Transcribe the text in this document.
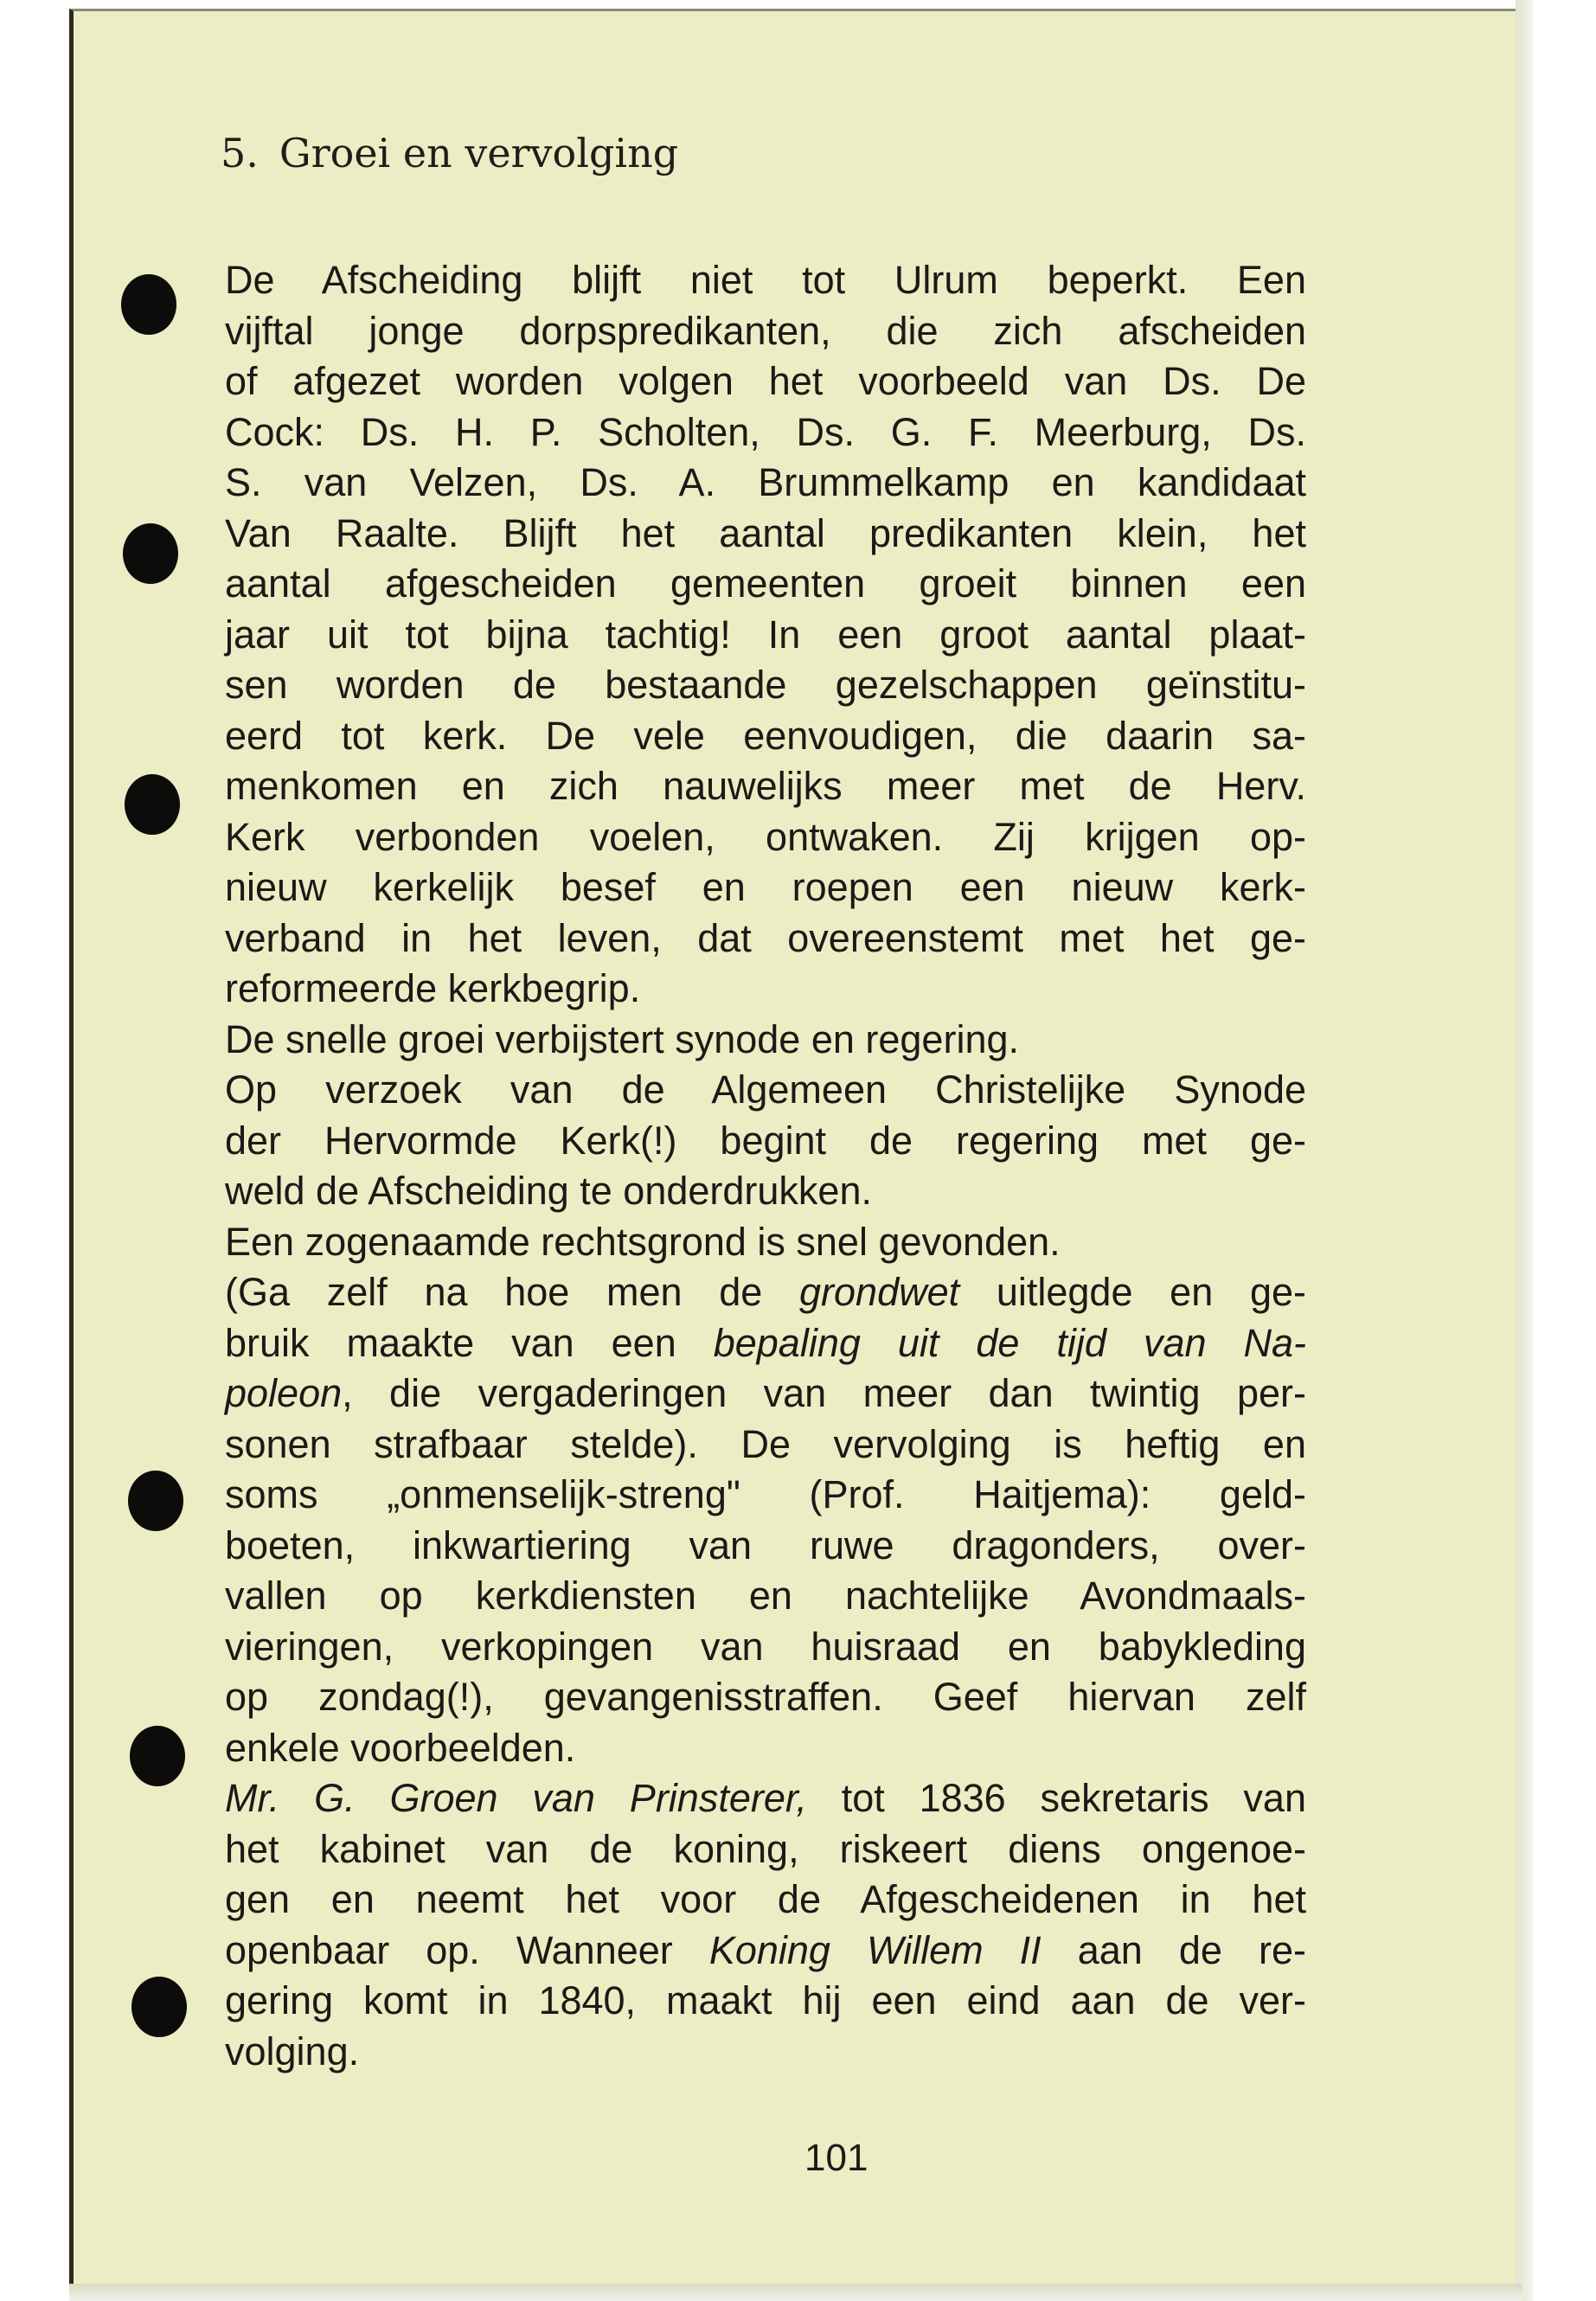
5. Groei en vervolging
De Afscheiding blijft niet tot Ulrum beperkt. Een
vijftal jonge dorpspredikanten, die zich afscheiden
of afgezet worden volgen het voorbeeld van Ds. De
Cock: Ds. H. P. Scholten, Ds. G. F. Meerburg, Ds.
S. van Velzen, Ds. A. Brummelkamp en kandidaat
Van Raalte. Blijft het aantal predikanten klein, het
aantal afgescheiden gemeenten groeit binnen een
jaar uit tot bijna tachtig! In een groot aantal plaat-
sen worden de bestaande gezelschappen geïnstitu-
eerd tot kerk. De vele eenvoudigen, die daarin sa-
menkomen en zich nauwelijks meer met de Herv.
Kerk verbonden voelen, ontwaken. Zij krijgen op-
nieuw kerkelijk besef en roepen een nieuw kerk-
verband in het leven, dat overeenstemt met het ge-
reformeerde kerkbegrip.
De snelle groei verbijstert synode en regering.
Op verzoek van de Algemeen Christelijke Synode
der Hervormde Kerk(!) begint de regering met ge-
weld de Afscheiding te onderdrukken.
Een zogenaamde rechtsgrond is snel gevonden.
(Ga zelf na hoe men de grondwet uitlegde en ge-
bruik maakte van een bepaling uit de tijd van Na-
poleon, die vergaderingen van meer dan twintig per-
sonen strafbaar stelde). De vervolging is heftig en
soms „onmenselijk-streng" (Prof. Haitjema): geld-
boeten, inkwartiering van ruwe dragonders, over-
vallen op kerkdiensten en nachtelijke Avondmaals-
vieringen, verkopingen van huisraad en babykleding
op zondag(!), gevangenisstraffen. Geef hiervan zelf
enkele voorbeelden.
Mr. G. Groen van Prinsterer, tot 1836 sekretaris van
het kabinet van de koning, riskeert diens ongenoe-
gen en neemt het voor de Afgescheidenen in het
openbaar op. Wanneer Koning Willem II aan de re-
gering komt in 1840, maakt hij een eind aan de ver-
volging.
101
